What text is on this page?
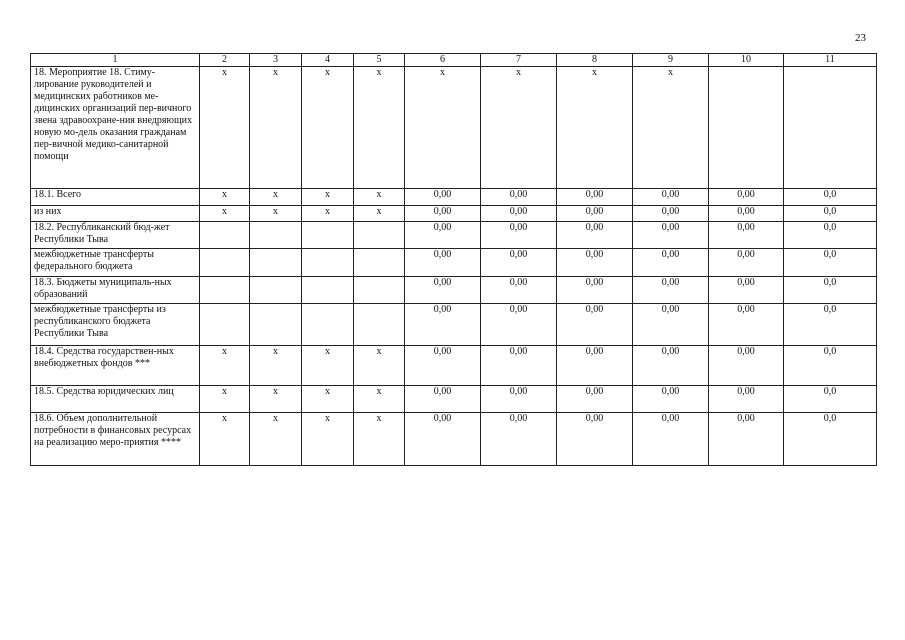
23
1	2	3	4	5	6	7	8	9	10	11
18. Мероприятие 18. Стиму-лирование руководителей и медицинских работников ме-дицинских организаций пер-вичного звена здравоохране-ния внедряющих новую мо-дель оказания гражданам пер-вичной медико-санитарной помощи	х	х	х	х	х	х	х	х		
18.1. Всего	х	х	х	х	0,00	0,00	0,00	0,00	0,00	0,0
из них	х	х	х	х	0,00	0,00	0,00	0,00	0,00	0,0
18.2. Республиканский бюд-жет Республики Тыва					0,00	0,00	0,00	0,00	0,00	0,0
межбюджетные трансферты федерального бюджета					0,00	0,00	0,00	0,00	0,00	0,0
18.3. Бюджеты муниципаль-ных образований					0,00	0,00	0,00	0,00	0,00	0,0
межбюджетные трансферты из республиканского бюджета Республики Тыва					0,00	0,00	0,00	0,00	0,00	0,0
18.4. Средства государствен-ных внебюджетных фондов ***	х	х	х	х	0,00	0,00	0,00	0,00	0,00	0,0
18.5. Средства юридических лиц	х	х	х	х	0,00	0,00	0,00	0,00	0,00	0,0
18.6. Объем дополнительной потребности в финансовых ресурсах на реализацию меро-приятия ****	х	х	х	х	0,00	0,00	0,00	0,00	0,00	0,0
